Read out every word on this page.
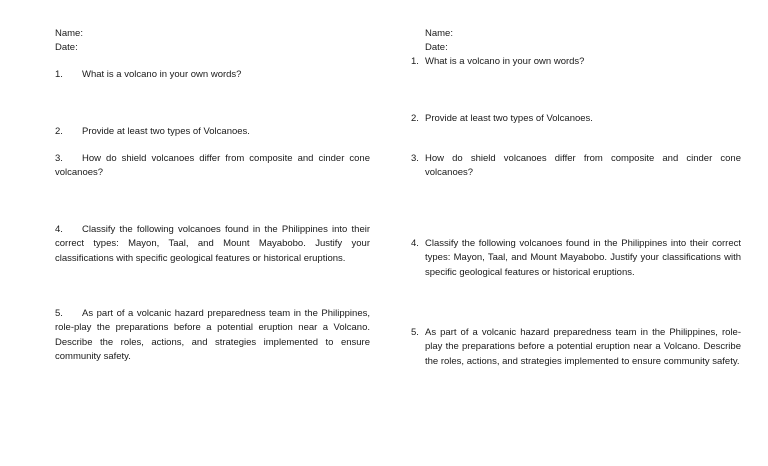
Name:
Date:
1. What is a volcano in your own words?
2. Provide at least two types of Volcanoes.
3. How do shield volcanoes differ from composite and cinder cone volcanoes?
4. Classify the following volcanoes found in the Philippines into their correct types: Mayon, Taal, and Mount Mayabobo. Justify your classifications with specific geological features or historical eruptions.
5. As part of a volcanic hazard preparedness team in the Philippines, role-play the preparations before a potential eruption near a Volcano. Describe the roles, actions, and strategies implemented to ensure community safety.
Name:
Date:
1. What is a volcano in your own words?
2. Provide at least two types of Volcanoes.
3. How do shield volcanoes differ from composite and cinder cone volcanoes?
4. Classify the following volcanoes found in the Philippines into their correct types: Mayon, Taal, and Mount Mayabobo. Justify your classifications with specific geological features or historical eruptions.
5. As part of a volcanic hazard preparedness team in the Philippines, role-play the preparations before a potential eruption near a Volcano. Describe the roles, actions, and strategies implemented to ensure community safety.
